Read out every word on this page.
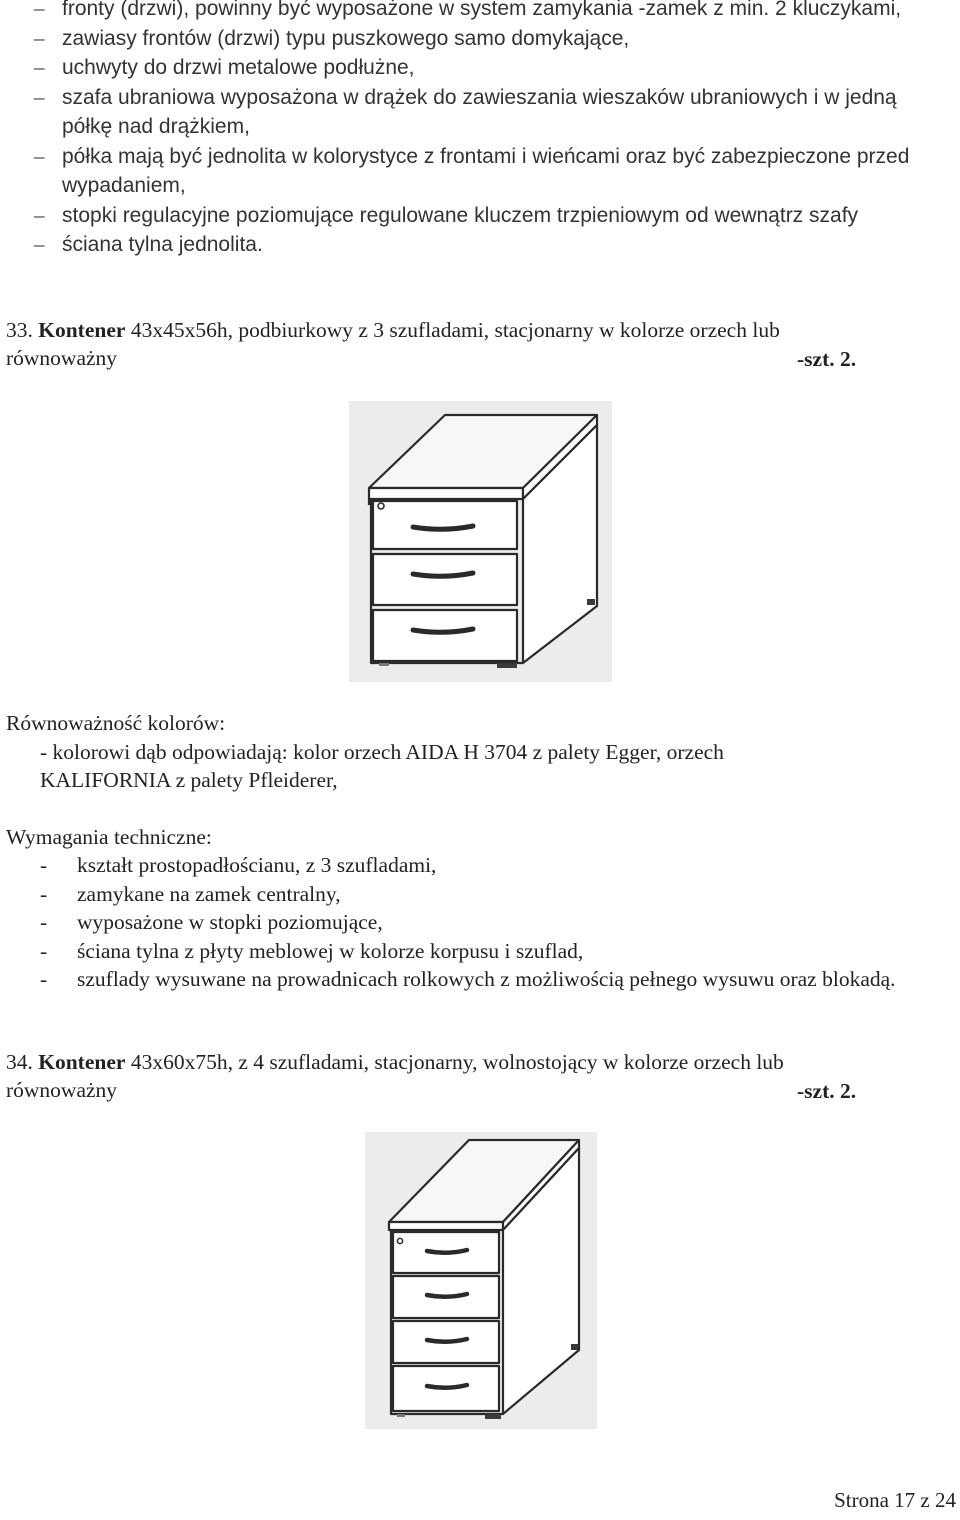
– fronty (drzwi), powinny być wyposażone w system zamykania -zamek z min. 2 kluczykami,
– zawiasy frontów (drzwi) typu puszkowego samo domykające,
– uchwyty do drzwi metalowe podłużne,
– szafa ubraniowa wyposażona w drążek do zawieszania wieszaków ubraniowych i w jedną półkę nad drążkiem,
– półka mają być jednolita w kolorystyce z frontami i wieńcami oraz być zabezpieczone przed wypadaniem,
– stopki regulacyjne poziomujące regulowane kluczem trzpieniowym od wewnątrz szafy
– ściana tylna jednolita.
33. Kontener 43x45x56h, podbiurkowy z 3 szufladami, stacjonarny w kolorze orzech lub
równoważny	-szt. 2.
Równoważność kolorów:
- kolorowi dąb odpowiadają: kolor orzech AIDA H 3704 z palety Egger, orzech
KALIFORNIA z palety Pfleiderer,
Wymagania techniczne:
- kształt prostopadłościanu, z 3 szufladami,
- zamykane na zamek centralny,
- wyposażone w stopki poziomujące,
- ściana tylna z płyty meblowej w kolorze korpusu i szuflad,
- szuflady wysuwane na prowadnicach rolkowych z możliwością pełnego wysuwu oraz blokadą.
34. Kontener 43x60x75h, z 4 szufladami, stacjonarny, wolnostojący w kolorze orzech lub
równoważny	-szt. 2.
Strona 17 z 24
